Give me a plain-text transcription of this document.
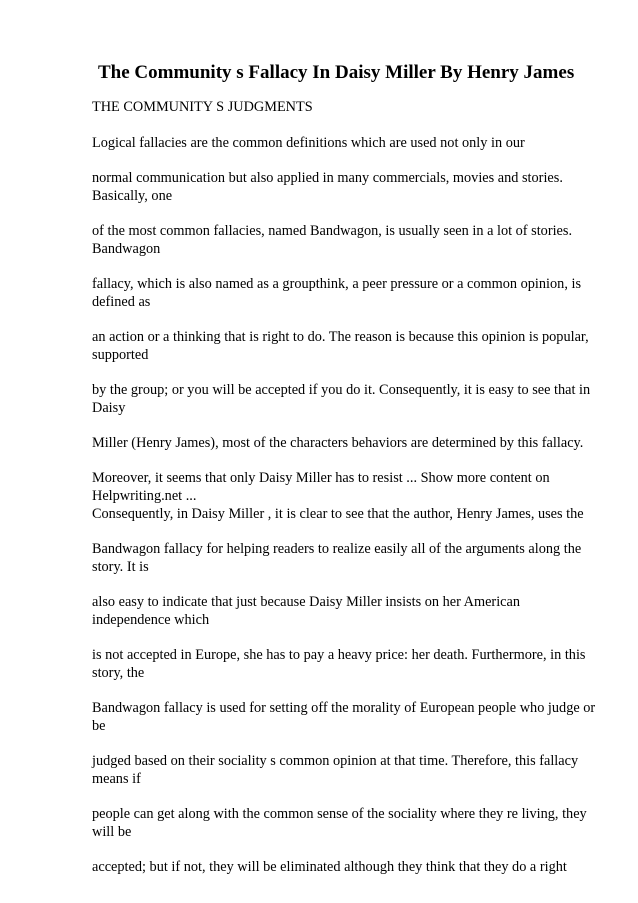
The Community s Fallacy In Daisy Miller By Henry James
THE COMMUNITY S JUDGMENTS

Logical fallacies are the common definitions which are used not only in our

normal communication but also applied in many commercials, movies and stories. Basically, one

of the most common fallacies, named Bandwagon, is usually seen in a lot of stories. Bandwagon

fallacy, which is also named as a groupthink, a peer pressure or a common opinion, is defined as

an action or a thinking that is right to do. The reason is because this opinion is popular, supported

by the group; or you will be accepted if you do it. Consequently, it is easy to see that in Daisy

Miller (Henry James), most of the characters behaviors are determined by this fallacy.

Moreover, it seems that only Daisy Miller has to resist ... Show more content on Helpwriting.net ...

Consequently, in Daisy Miller , it is clear to see that the author, Henry James, uses the

Bandwagon fallacy for helping readers to realize easily all of the arguments along the story. It is

also easy to indicate that just because Daisy Miller insists on her American independence which

is not accepted in Europe, she has to pay a heavy price: her death. Furthermore, in this story, the

Bandwagon fallacy is used for setting off the morality of European people who judge or be

judged based on their sociality s common opinion at that time. Therefore, this fallacy means if

people can get along with the common sense of the sociality where they re living, they will be

accepted; but if not, they will be eliminated although they think that they do a right
